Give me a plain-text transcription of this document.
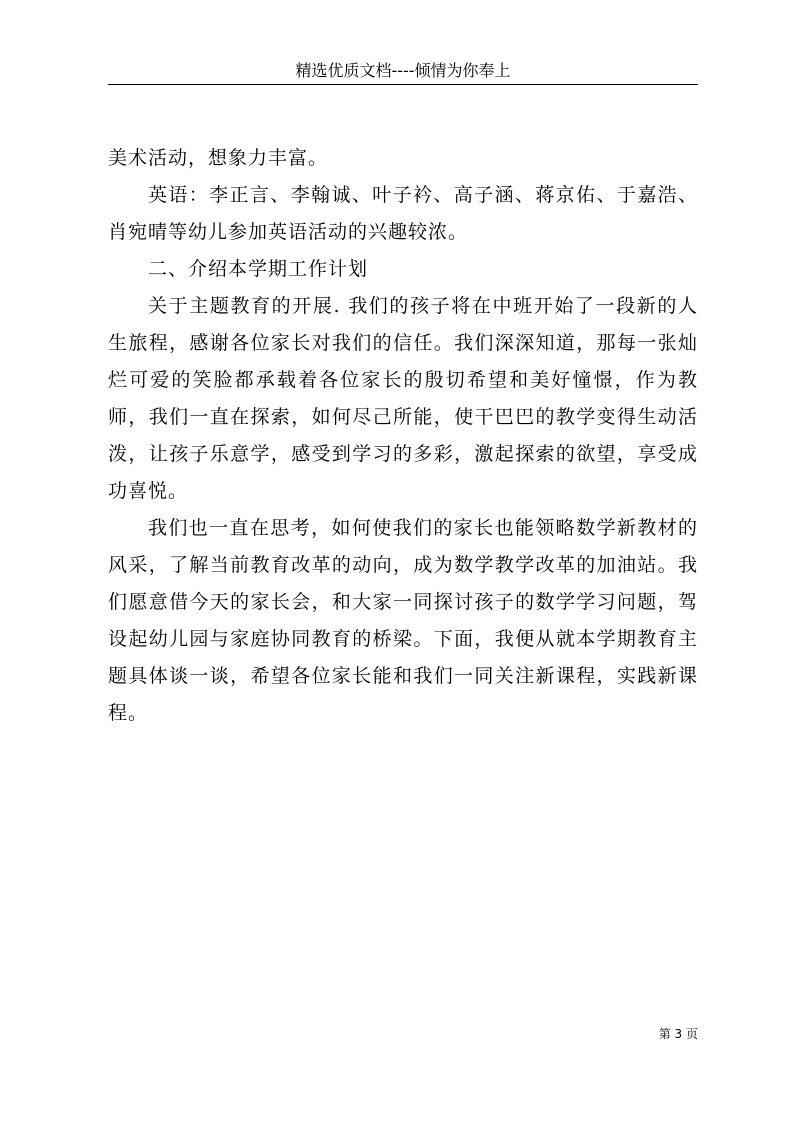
精选优质文档----倾情为你奉上

美术活动，想象力丰富。

英语：李正言、李翰诚、叶子衿、高子涵、蒋京佑、于嘉浩、肖宛晴等幼儿参加英语活动的兴趣较浓。

二、介绍本学期工作计划

关于主题教育的开展. 我们的孩子将在中班开始了一段新的人生旅程，感谢各位家长对我们的信任。我们深深知道，那每一张灿烂可爱的笑脸都承载着各位家长的殷切希望和美好憧憬，作为教师，我们一直在探索，如何尽己所能，使干巴巴的教学变得生动活泼，让孩子乐意学，感受到学习的多彩，激起探索的欲望，享受成功喜悦。

我们也一直在思考，如何使我们的家长也能领略数学新教材的风采，了解当前教育改革的动向，成为数学教学改革的加油站。我们愿意借今天的家长会，和大家一同探讨孩子的数学学习问题，驾设起幼儿园与家庭协同教育的桥梁。下面，我便从就本学期教育主题具体谈一谈，希望各位家长能和我们一同关注新课程，实践新课程。

第 3 页
